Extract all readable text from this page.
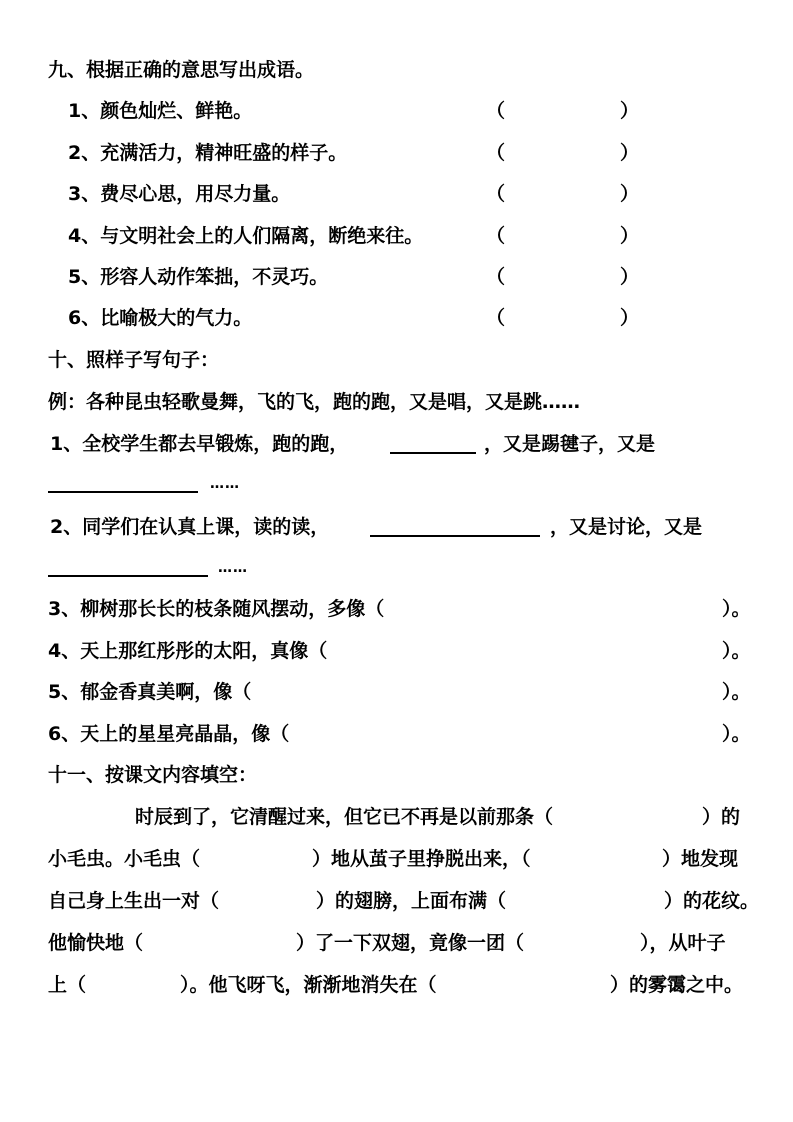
九、根据正确的意思写出成语。
1、颜色灿烂、鲜艳。	（	）
2、充满活力，精神旺盛的样子。	（	）
3、费尽心思，用尽力量。	（	）
4、与文明社会上的人们隔离，断绝来往。	（	）
5、形容人动作笨拙，不灵巧。	（	）
6、比喻极大的气力。	（	）
十、照样子写句子：
例：各种昆虫轻歌曼舞，飞的飞，跑的跑，又是唱，又是跳……
1、全校学生都去早锻炼，跑的跑，	，又是踢毽子，又是
……
2、同学们在认真上课，读的读，	，又是讨论，又是
……
3、柳树那长长的枝条随风摆动，多像（	）。
4、天上那红彤彤的太阳，真像（	）。
5、郁金香真美啊，像（	）。
6、天上的星星亮晶晶，像（	）。
十一、按课文内容填空：
时辰到了，它清醒过来，但它已不再是以前那条（	）的
小毛虫。小毛虫（	）地从茧子里挣脱出来，（	）地发现
自己身上生出一对（	）的翅膀，上面布满（	）的花纹。
他愉快地（	）了一下双翅，竟像一团（	），从叶子
上（	）。他飞呀飞，渐渐地消失在（	）的雾霭之中。
